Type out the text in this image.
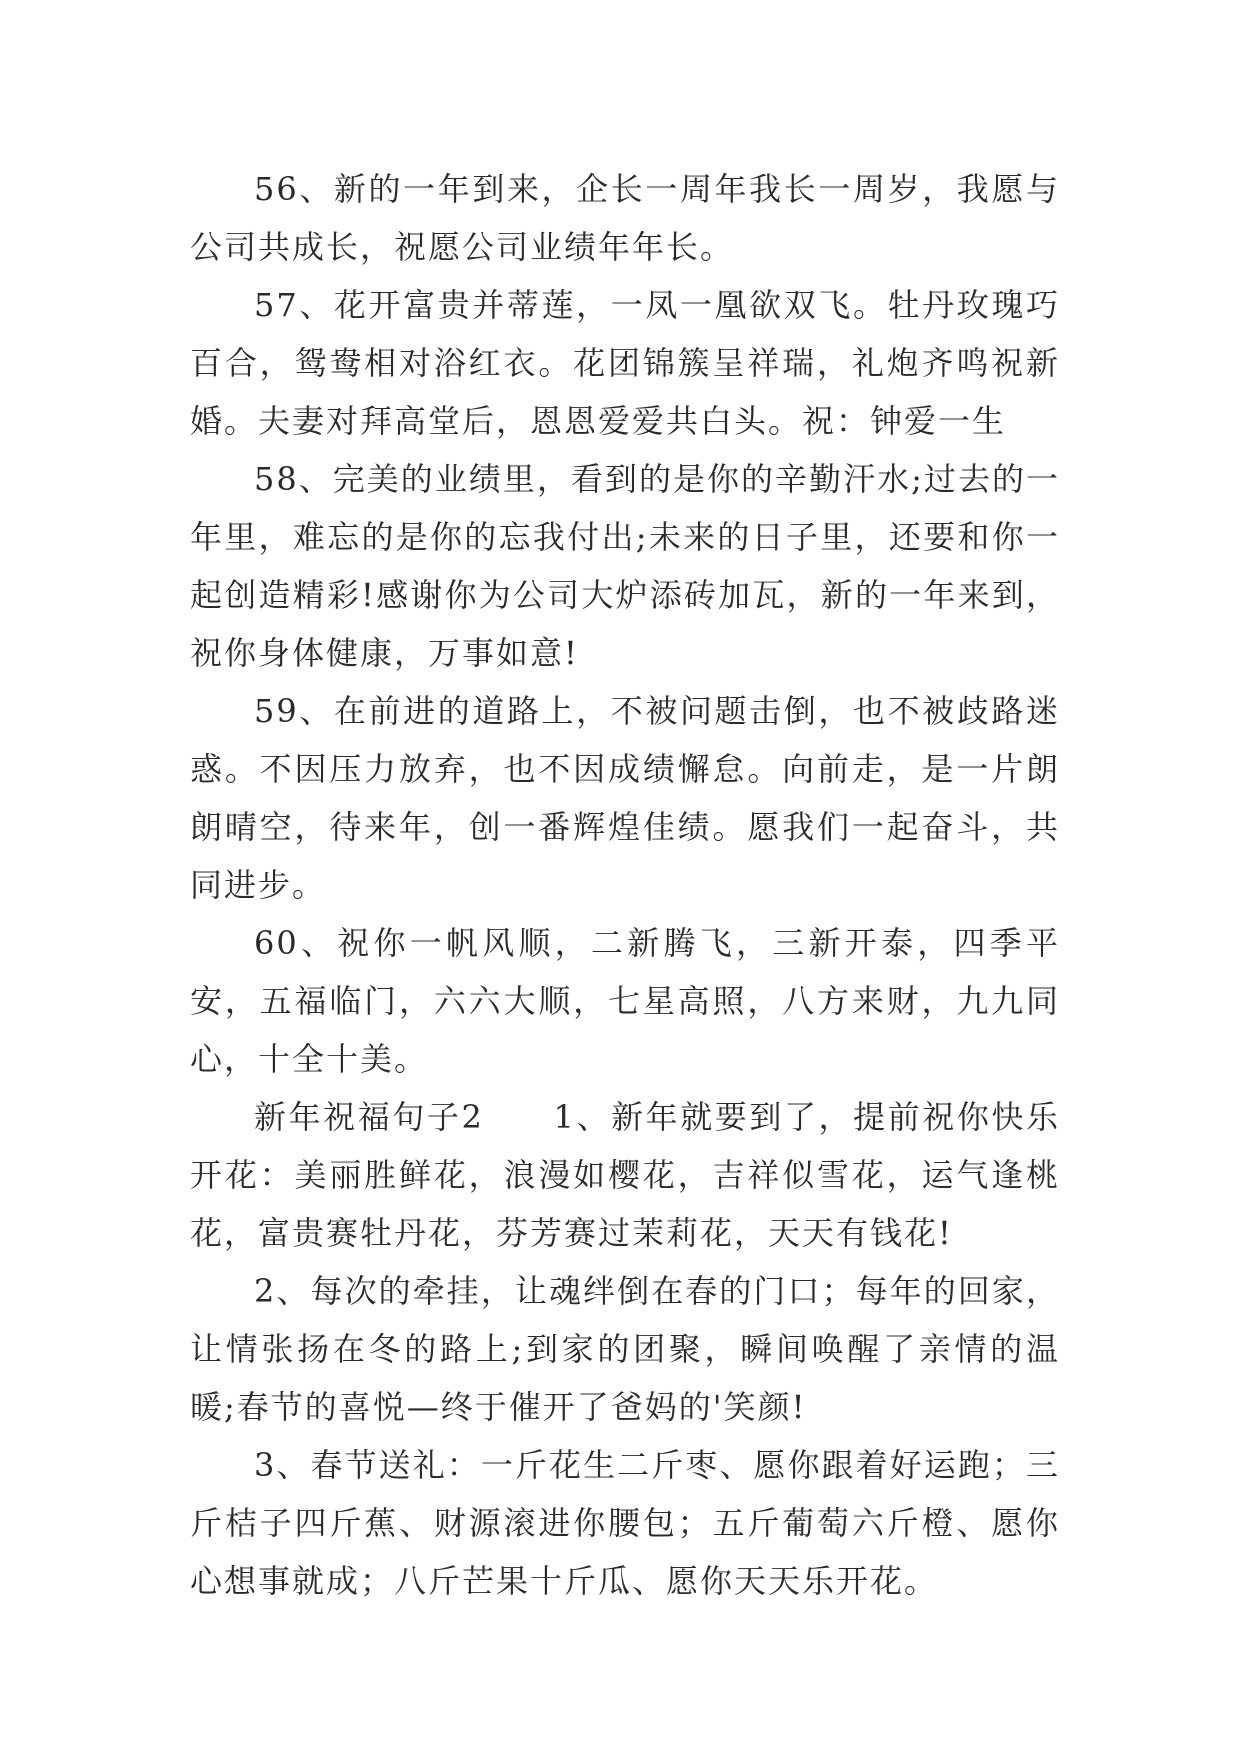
56、新的一年到来，企长一周年我长一周岁，我愿与公司共成长，祝愿公司业绩年年长。

57、花开富贵并蒂莲，一凤一凰欲双飞。牡丹玫瑰巧百合，鸳鸯相对浴红衣。花团锦簇呈祥瑞，礼炮齐鸣祝新婚。夫妻对拜高堂后，恩恩爱爱共白头。祝：钟爱一生

58、完美的业绩里，看到的是你的辛勤汗水;过去的一年里，难忘的是你的忘我付出;未来的日子里，还要和你一起创造精彩!感谢你为公司大炉添砖加瓦，新的一年来到，祝你身体健康，万事如意!

59、在前进的道路上，不被问题击倒，也不被歧路迷惑。不因压力放弃，也不因成绩懈怠。向前走，是一片朗朗晴空，待来年，创一番辉煌佳绩。愿我们一起奋斗，共同进步。

60、祝你一帆风顺，二新腾飞，三新开泰，四季平安，五福临门，六六大顺，七星高照，八方来财，九九同心，十全十美。

新年祝福句子2　　1、新年就要到了，提前祝你快乐开花：美丽胜鲜花，浪漫如樱花，吉祥似雪花，运气逢桃花，富贵赛牡丹花，芬芳赛过茉莉花，天天有钱花!

2、每次的牵挂，让魂绊倒在春的门口；每年的回家，让情张扬在冬的路上;到家的团聚，瞬间唤醒了亲情的温暖;春节的喜悦—终于催开了爸妈的'笑颜!

3、春节送礼：一斤花生二斤枣、愿你跟着好运跑；三斤桔子四斤蕉、财源滚进你腰包；五斤葡萄六斤橙、愿你心想事就成；八斤芒果十斤瓜、愿你天天乐开花。
